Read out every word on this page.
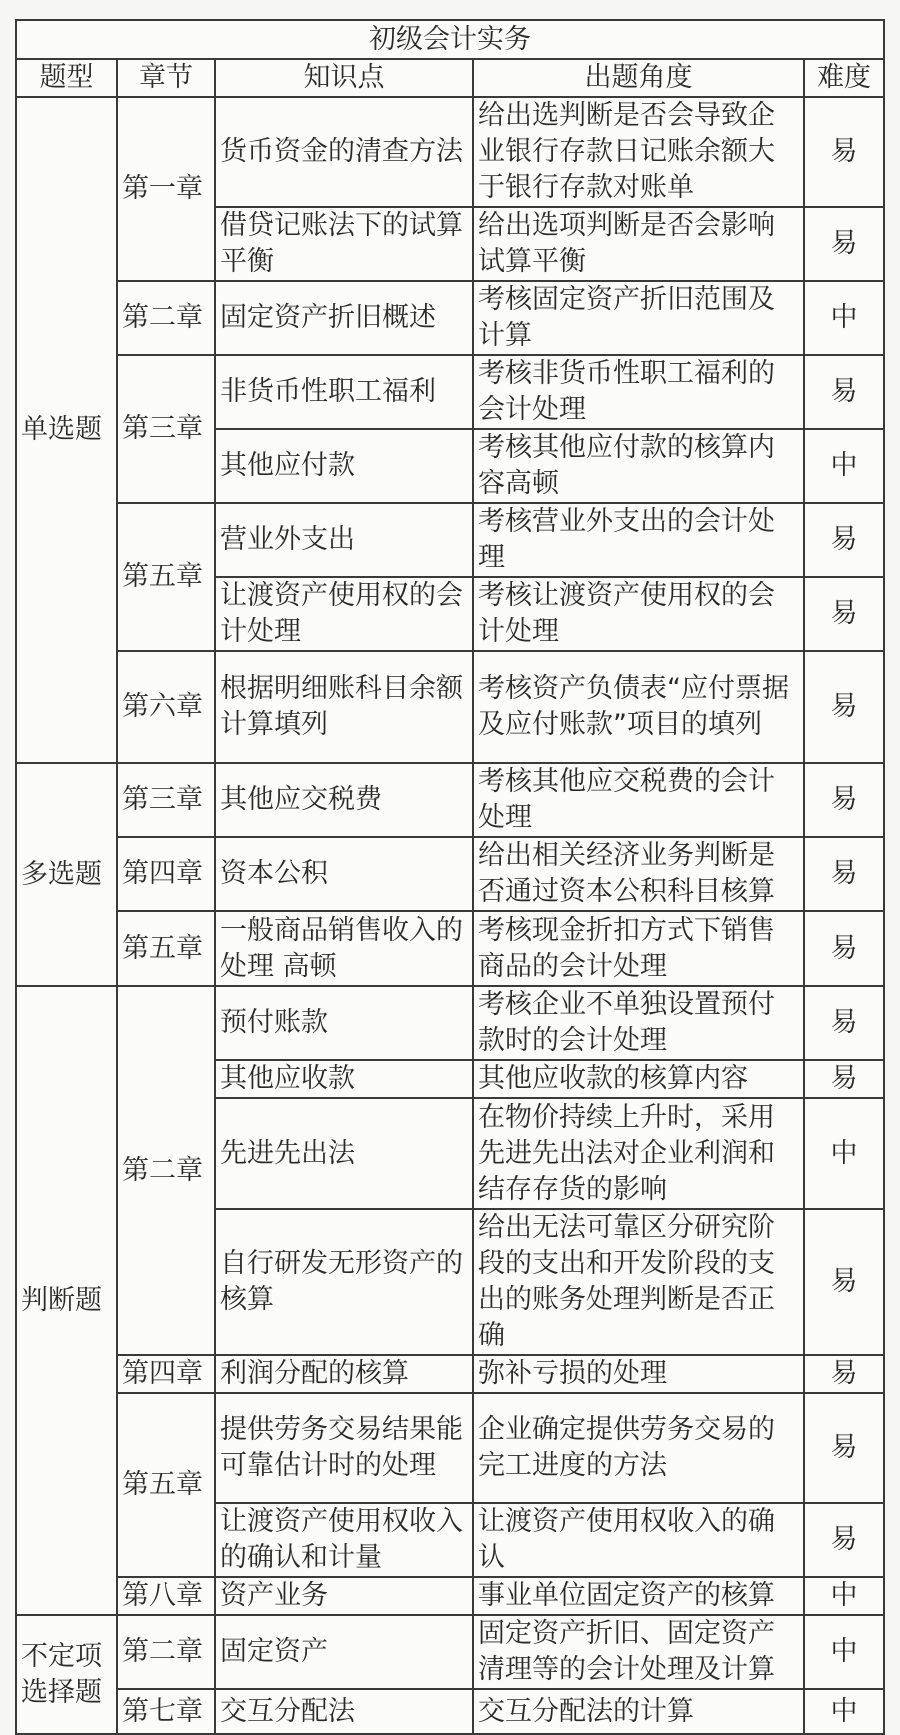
初级会计实务				
题型	章节	知识点	出题角度	难度
单选题	第一章	货币资金的清查方法	给出选判断是否会导致企业银行存款日记账余额大于银行存款对账单	易
		借贷记账法下的试算平衡	给出选项判断是否会影响试算平衡	易
	第二章	固定资产折旧概述	考核固定资产折旧范围及计算	中
	第三章	非货币性职工福利	考核非货币性职工福利的会计处理	易
		其他应付款	考核其他应付款的核算内容高顿	中
	第五章	营业外支出	考核营业外支出的会计处理	易
		让渡资产使用权的会计处理	考核让渡资产使用权的会计处理	易
	第六章	根据明细账科目余额计算填列	考核资产负债表“应付票据及应付账款”项目的填列	易
多选题	第三章	其他应交税费	考核其他应交税费的会计处理	易
	第四章	资本公积	给出相关经济业务判断是否通过资本公积科目核算	易
	第五章	一般商品销售收入的处理 高顿	考核现金折扣方式下销售商品的会计处理	易
判断题	第二章	预付账款	考核企业不单独设置预付款时的会计处理	易
		其他应收款	其他应收款的核算内容	易
		先进先出法	在物价持续上升时，采用先进先出法对企业利润和结存存货的影响	中
		自行研发无形资产的核算	给出无法可靠区分研究阶段的支出和开发阶段的支出的账务处理判断是否正确	易
	第四章	利润分配的核算	弥补亏损的处理	易
	第五章	提供劳务交易结果能可靠估计时的处理	企业确定提供劳务交易的完工进度的方法	易
		让渡资产使用权收入的确认和计量	让渡资产使用权收入的确认	易
	第八章	资产业务	事业单位固定资产的核算	中
不定项选择题	第二章	固定资产	固定资产折旧、固定资产清理等的会计处理及计算	中
	第七章	交互分配法	交互分配法的计算	中
